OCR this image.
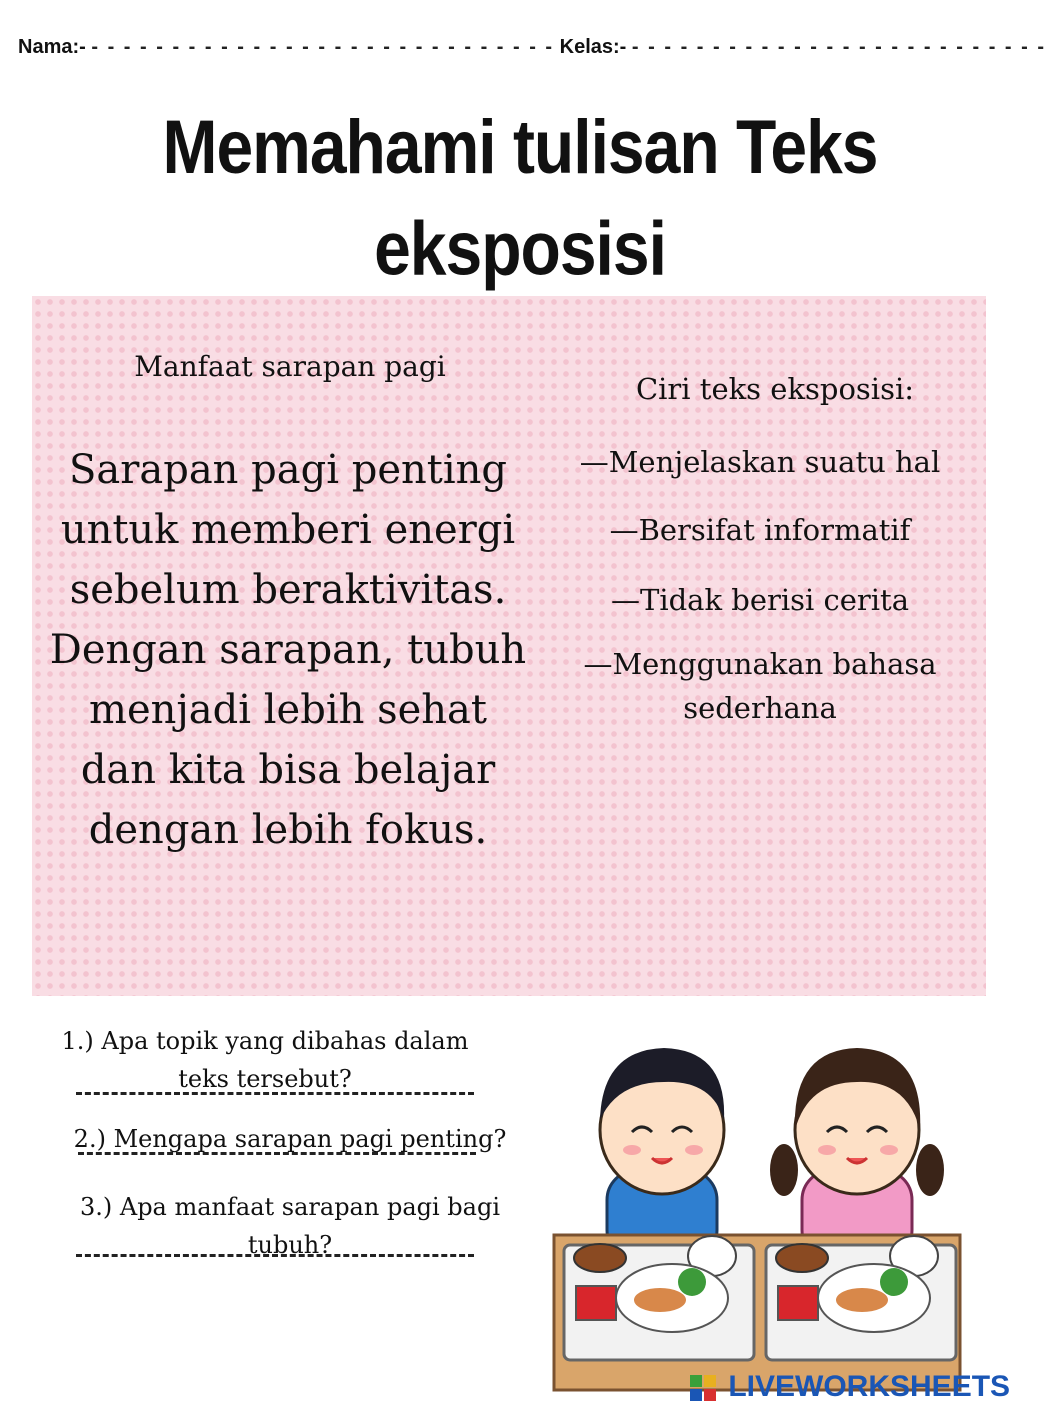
Nama:- - - - - - - - - - - - - - - - - - - - - - - - - - - - - - Kelas:- - - - - - - - - - - - - - - - - - - - - - - - - - -
Memahami tulisan Teks eksposisi
Manfaat sarapan pagi
Sarapan pagi penting untuk memberi energi sebelum beraktivitas. Dengan sarapan, tubuh menjadi lebih sehat dan kita bisa belajar dengan lebih fokus.
Ciri teks eksposisi:
—Menjelaskan suatu hal
—Bersifat informatif
—Tidak berisi cerita
—Menggunakan bahasa sederhana
1.) Apa topik yang dibahas dalam teks tersebut?
2.) Mengapa sarapan pagi penting?
3.) Apa manfaat sarapan pagi bagi tubuh?
LIVEWORKSHEETS
